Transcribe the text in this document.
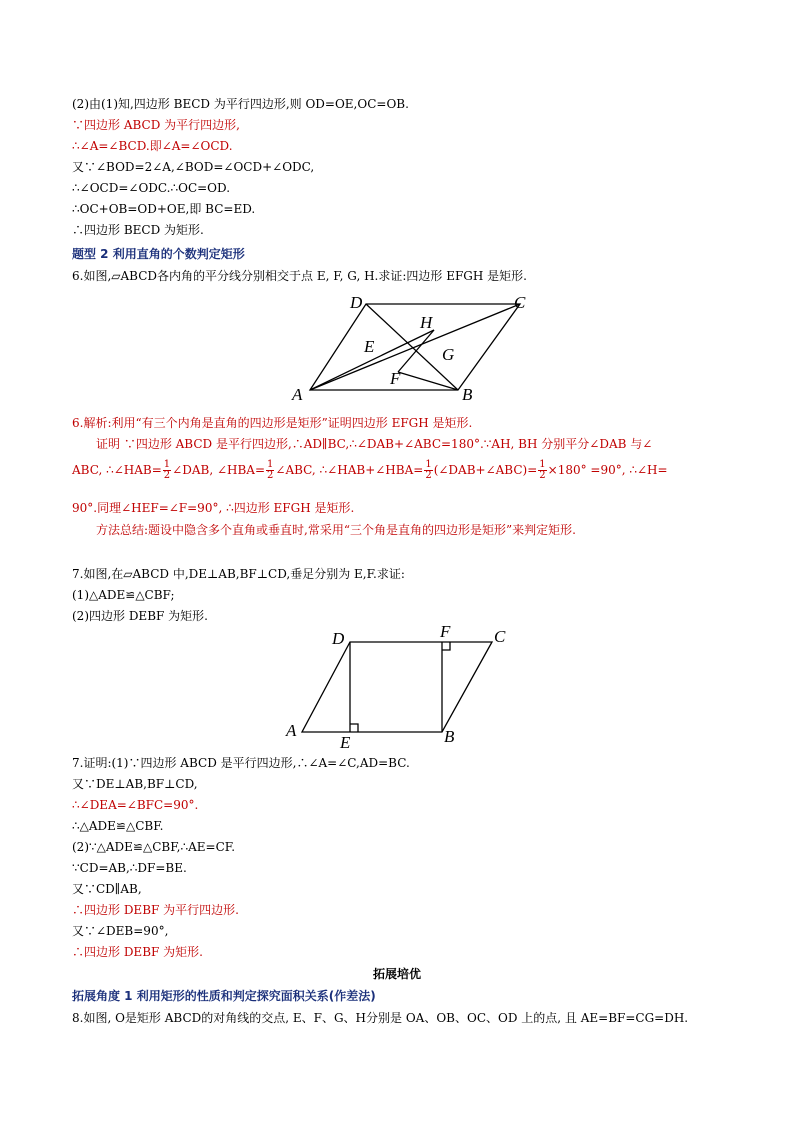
(2)由(1)知,四边形 BECD 为平行四边形,则 OD=OE,OC=OB.
∵四边形 ABCD 为平行四边形,
∴∠A=∠BCD.即∠A=∠OCD.
又∵∠BOD=2∠A,∠BOD=∠OCD+∠ODC,
∴∠OCD=∠ODC.∴OC=OD.
∴OC+OB=OD+OE,即 BC=ED.
∴四边形 BECD 为矩形.
题型 2 利用直角的个数判定矩形
6.如图,▱ABCD各内角的平分线分别相交于点 E, F, G, H.求证:四边形 EFGH 是矩形.
A	B
C
D
E
F
G
H
6.解析:利用“有三个内角是直角的四边形是矩形”证明四边形 EFGH 是矩形.
证明 ∵四边形 ABCD 是平行四边形,∴AD∥BC,∴∠DAB+∠ABC=180°.∵AH, BH 分别平分∠DAB 与∠
ABC, ∴∠HAB= $\frac{1}{2}$ ∠DAB, ∠HBA= $\frac{1}{2}$ ∠ABC, ∴∠HAB+∠HBA= $\frac{1}{2}$ (∠DAB+∠ABC)= $\frac{1}{2} \times 180^\circ =90^\circ$, ∴∠H=
90°.同理∠HEF=∠F=90°, ∴四边形 EFGH 是矩形.
方法总结:题设中隐含多个直角或垂直时,常采用“三个角是直角的四边形是矩形”来判定矩形.
7.如图,在▱ABCD 中,DE⊥AB,BF⊥CD,垂足分别为 E,F.求证:
(1)△ADE≌△CBF;
(2)四边形 DEBF 为矩形.
A	B
C
D
E
F
7.证明:(1)∵四边形 ABCD 是平行四边形,∴∠A=∠C,AD=BC.
又∵DE⊥AB,BF⊥CD,
∴∠DEA=∠BFC=90°.
∴△ADE≌△CBF.
(2)∵△ADE≌△CBF,∴AE=CF.
∵CD=AB,∴DF=BE.
又∵CD∥AB,
∴四边形 DEBF 为平行四边形.
又∵∠DEB=90°,
∴四边形 DEBF 为矩形.
拓展培优
拓展角度 1 利用矩形的性质和判定探究面积关系(作差法)
8.如图, O是矩形 ABCD的对角线的交点, E、F、G、H分别是 OA、OB、OC、OD 上的点, 且 AE=BF=CG=DH.
